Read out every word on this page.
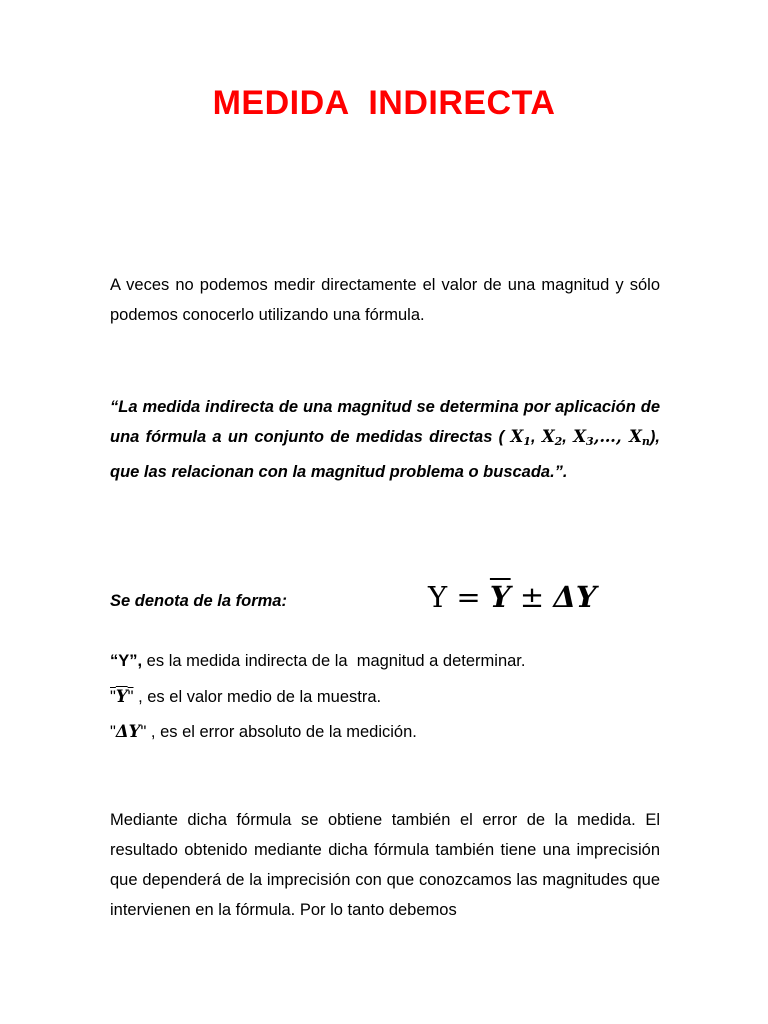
MEDIDA  INDIRECTA

A veces no podemos medir directamente el valor de una magnitud y sólo podemos conocerlo utilizando una fórmula.

“La medida indirecta de una magnitud se determina por aplicación de una fórmula a un conjunto de medidas directas ( $X_1$, $X_2$, $X_3,\dots$, $X_n$), que las relacionan con la magnitud problema o buscada.”.

Se denota de la forma:	$Y = \overline{Y} \pm \Delta Y$
“Y”, es la medida indirecta de la  magnitud a determinar.
"$\overline{Y}$" , es el valor medio de la muestra.
"ΔY" , es el error absoluto de la medición.

Mediante dicha fórmula se obtiene también el error de la medida. El resultado obtenido mediante dicha fórmula también tiene una imprecisión que dependerá de la imprecisión con que conozcamos las magnitudes que intervienen en la fórmula. Por lo tanto debemos
